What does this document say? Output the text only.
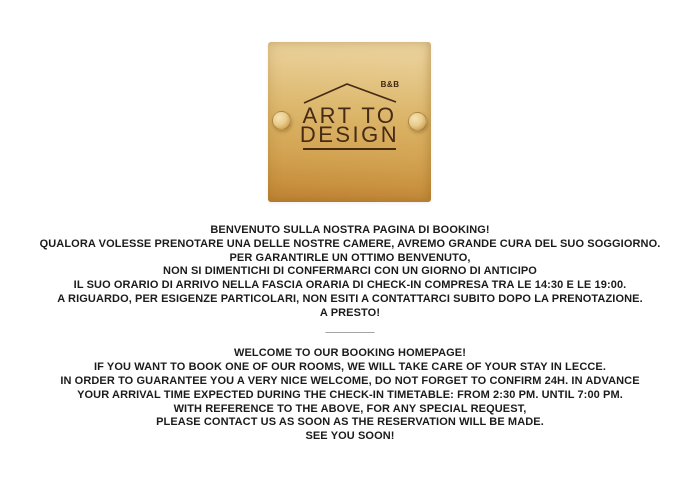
B&B
ART TO
DESIGN
BENVENUTO SULLA NOSTRA PAGINA DI BOOKING!
QUALORA VOLESSE PRENOTARE UNA DELLE NOSTRE CAMERE, AVREMO GRANDE CURA DEL SUO SOGGIORNO.
PER GARANTIRLE UN OTTIMO BENVENUTO,
NON SI DIMENTICHI DI CONFERMARCI CON UN GIORNO DI ANTICIPO
IL SUO ORARIO DI ARRIVO NELLA FASCIA ORARIA DI CHECK-IN COMPRESA TRA LE 14:30 E LE 19:00.
A RIGUARDO, PER ESIGENZE PARTICOLARI, NON ESITI A CONTATTARCI SUBITO DOPO LA PRENOTAZIONE.
A PRESTO!
________
WELCOME TO OUR BOOKING HOMEPAGE!
IF YOU WANT TO BOOK ONE OF OUR ROOMS, WE WILL TAKE CARE OF YOUR STAY IN LECCE.
IN ORDER TO GUARANTEE YOU A VERY NICE WELCOME, DO NOT FORGET TO CONFIRM 24H. IN ADVANCE
YOUR ARRIVAL TIME EXPECTED DURING THE CHECK-IN TIMETABLE: FROM 2:30 PM. UNTIL 7:00 PM.
WITH REFERENCE TO THE ABOVE, FOR ANY SPECIAL REQUEST,
PLEASE CONTACT US AS SOON AS THE RESERVATION WILL BE MADE.
SEE YOU SOON!
